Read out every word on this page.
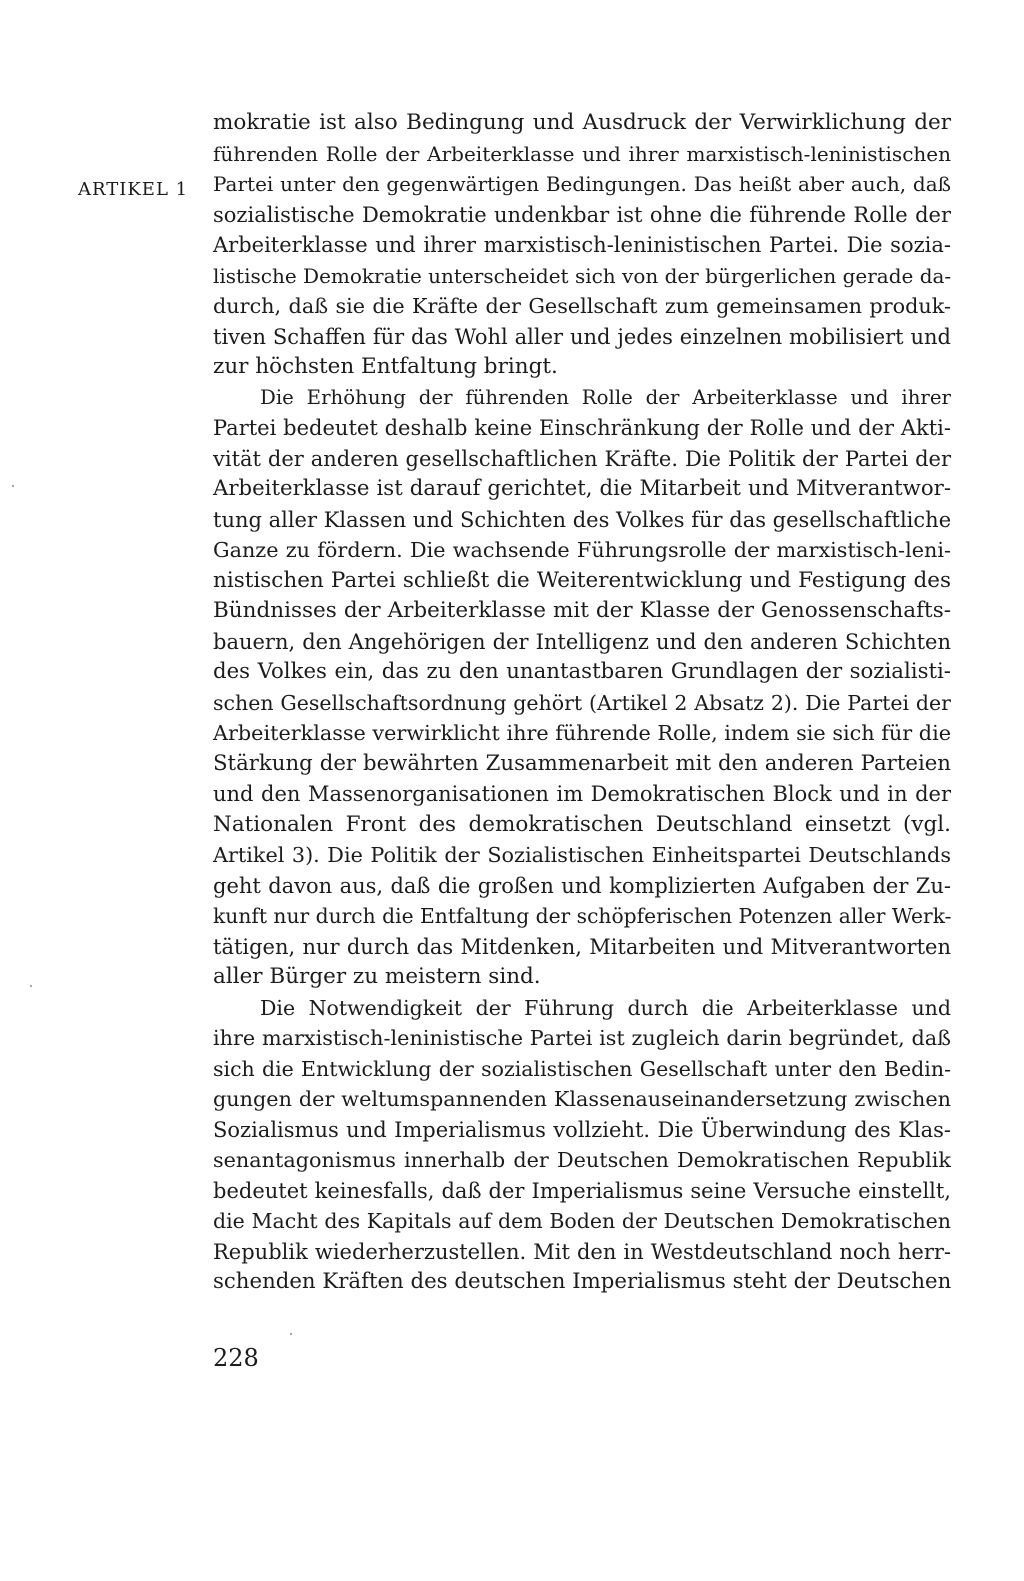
ARTIKEL 1
mokratie ist also Bedingung und Ausdruck der Verwirklichung der
führenden Rolle der Arbeiterklasse und ihrer marxistisch-leninistischen
Partei unter den gegenwärtigen Bedingungen. Das heißt aber auch, daß
sozialistische Demokratie undenkbar ist ohne die führende Rolle der
Arbeiterklasse und ihrer marxistisch-leninistischen Partei. Die sozia-
listische Demokratie unterscheidet sich von der bürgerlichen gerade da-
durch, daß sie die Kräfte der Gesellschaft zum gemeinsamen produk-
tiven Schaffen für das Wohl aller und jedes einzelnen mobilisiert und
zur höchsten Entfaltung bringt.
Die Erhöhung der führenden Rolle der Arbeiterklasse und ihrer
Partei bedeutet deshalb keine Einschränkung der Rolle und der Akti-
vität der anderen gesellschaftlichen Kräfte. Die Politik der Partei der
Arbeiterklasse ist darauf gerichtet, die Mitarbeit und Mitverantwor-
tung aller Klassen und Schichten des Volkes für das gesellschaftliche
Ganze zu fördern. Die wachsende Führungsrolle der marxistisch-leni-
nistischen Partei schließt die Weiterentwicklung und Festigung des
Bündnisses der Arbeiterklasse mit der Klasse der Genossenschafts-
bauern, den Angehörigen der Intelligenz und den anderen Schichten
des Volkes ein, das zu den unantastbaren Grundlagen der sozialisti-
schen Gesellschaftsordnung gehört (Artikel 2 Absatz 2). Die Partei der
Arbeiterklasse verwirklicht ihre führende Rolle, indem sie sich für die
Stärkung der bewährten Zusammenarbeit mit den anderen Parteien
und den Massenorganisationen im Demokratischen Block und in der
Nationalen Front des demokratischen Deutschland einsetzt (vgl.
Artikel 3). Die Politik der Sozialistischen Einheitspartei Deutschlands
geht davon aus, daß die großen und komplizierten Aufgaben der Zu-
kunft nur durch die Entfaltung der schöpferischen Potenzen aller Werk-
tätigen, nur durch das Mitdenken, Mitarbeiten und Mitverantworten
aller Bürger zu meistern sind.
Die Notwendigkeit der Führung durch die Arbeiterklasse und
ihre marxistisch-leninistische Partei ist zugleich darin begründet, daß
sich die Entwicklung der sozialistischen Gesellschaft unter den Bedin-
gungen der weltumspannenden Klassenauseinandersetzung zwischen
Sozialismus und Imperialismus vollzieht. Die Überwindung des Klas-
senantagonismus innerhalb der Deutschen Demokratischen Republik
bedeutet keinesfalls, daß der Imperialismus seine Versuche einstellt,
die Macht des Kapitals auf dem Boden der Deutschen Demokratischen
Republik wiederherzustellen. Mit den in Westdeutschland noch herr-
schenden Kräften des deutschen Imperialismus steht der Deutschen
228
